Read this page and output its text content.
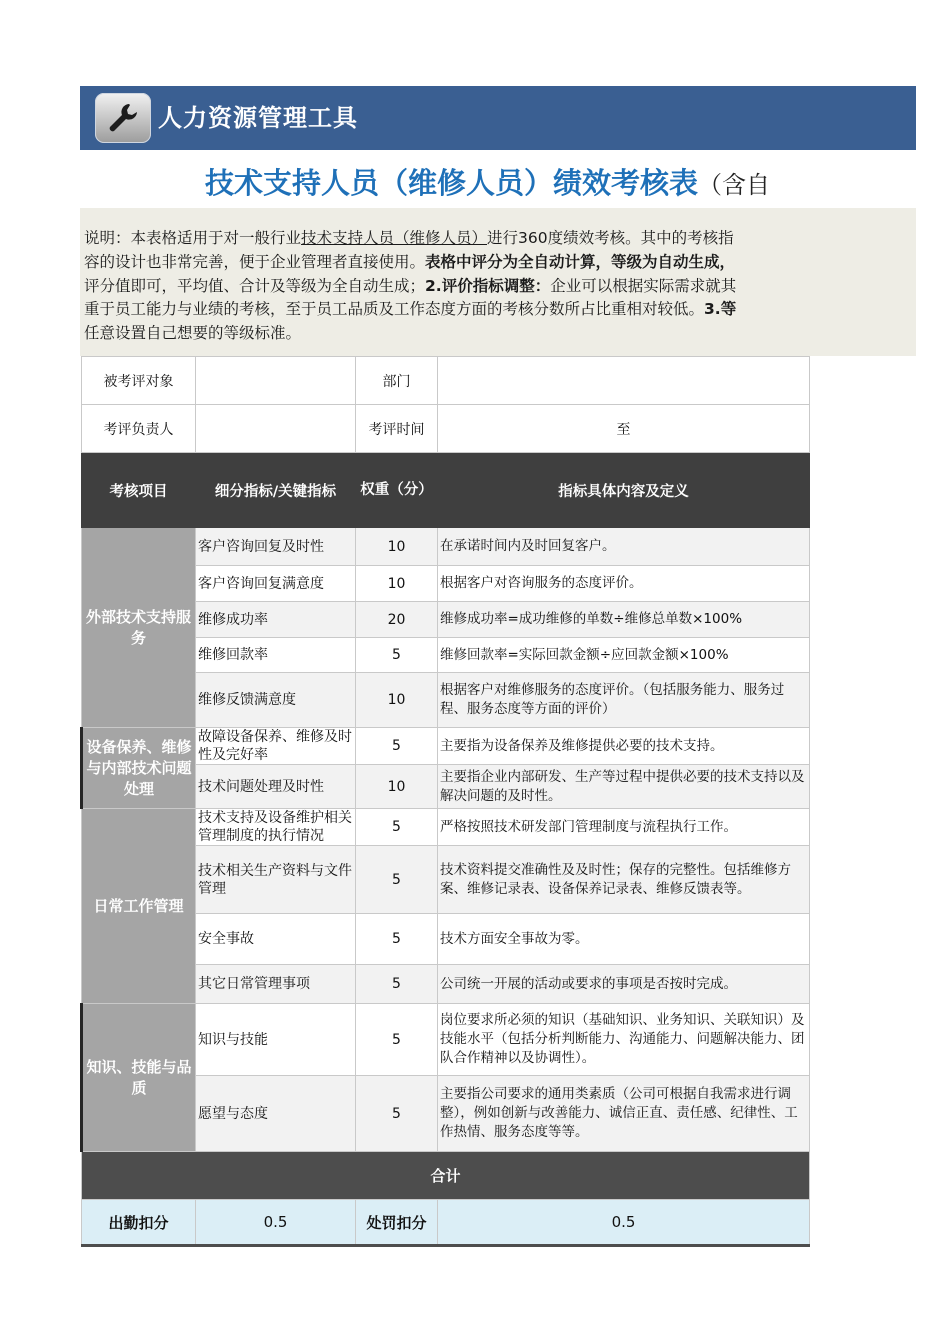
人力资源管理工具
技术支持人员（维修人员）绩效考核表（含自
说明：本表格适用于对一般行业技术支持人员（维修人员）进行360度绩效考核。其中的考核指
容的设计也非常完善，便于企业管理者直接使用。表格中评分为全自动计算，等级为自动生成，
评分值即可，平均值、合计及等级为全自动生成；2.评价指标调整：企业可以根据实际需求就其
重于员工能力与业绩的考核，至于员工品质及工作态度方面的考核分数所占比重相对较低。3.等
任意设置自己想要的等级标准。
被考评对象		部门	
考评负责人		考评时间	至
考核项目	细分指标/关键指标	权重（分）	指标具体内容及定义
外部技术支持服务	客户咨询回复及时性	10	在承诺时间内及时回复客户。
	客户咨询回复满意度	10	根据客户对咨询服务的态度评价。
	维修成功率	20	维修成功率=成功维修的单数÷维修总单数×100%
	维修回款率	5	维修回款率=实际回款金额÷应回款金额×100%
	维修反馈满意度	10	根据客户对维修服务的态度评价。（包括服务能力、服务过程、服务态度等方面的评价）
设备保养、维修与内部技术问题处理	故障设备保养、维修及时性及完好率	5	主要指为设备保养及维修提供必要的技术支持。
	技术问题处理及时性	10	主要指企业内部研发、生产等过程中提供必要的技术支持以及解决问题的及时性。
日常工作管理	技术支持及设备维护相关管理制度的执行情况	5	严格按照技术研发部门管理制度与流程执行工作。
	技术相关生产资料与文件管理	5	技术资料提交准确性及及时性；保存的完整性。包括维修方案、维修记录表、设备保养记录表、维修反馈表等。
	安全事故	5	技术方面安全事故为零。
	其它日常管理事项	5	公司统一开展的活动或要求的事项是否按时完成。
知识、技能与品质	知识与技能	5	岗位要求所必须的知识（基础知识、业务知识、关联知识）及技能水平（包括分析判断能力、沟通能力、问题解决能力、团队合作精神以及协调性）。
	愿望与态度	5	主要指公司要求的通用类素质（公司可根据自我需求进行调整），例如创新与改善能力、诚信正直、责任感、纪律性、工作热情、服务态度等等。
合计			
出勤扣分	0.5	处罚扣分	0.5
